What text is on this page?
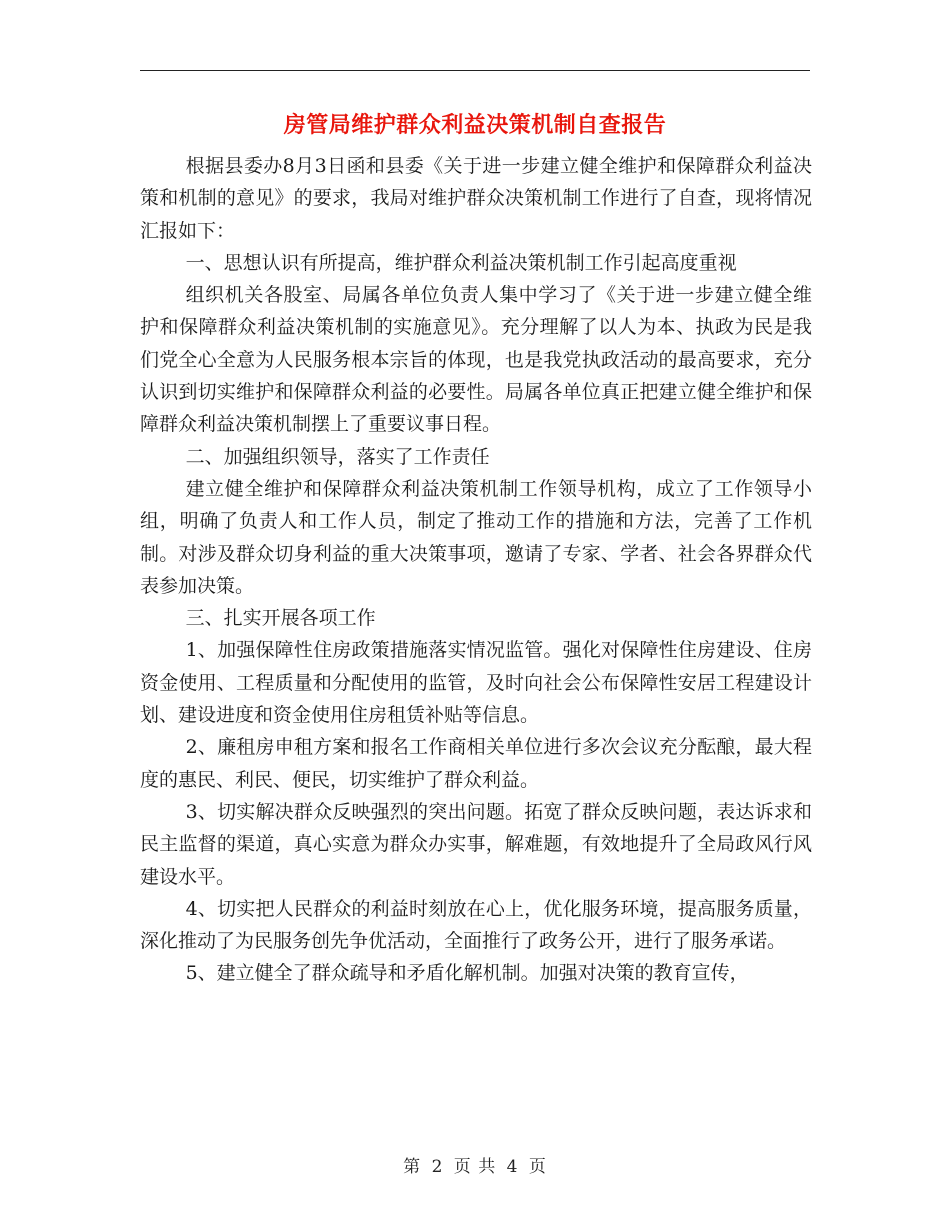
房管局维护群众利益决策机制自查报告

根据县委办8月3日函和县委《关于进一步建立健全维护和保障群众利益决策和机制的意见》的要求，我局对维护群众决策机制工作进行了自查，现将情况汇报如下：

一、思想认识有所提高，维护群众利益决策机制工作引起高度重视

组织机关各股室、局属各单位负责人集中学习了《关于进一步建立健全维护和保障群众利益决策机制的实施意见》。充分理解了以人为本、执政为民是我们党全心全意为人民服务根本宗旨的体现，也是我党执政活动的最高要求，充分认识到切实维护和保障群众利益的必要性。局属各单位真正把建立健全维护和保障群众利益决策机制摆上了重要议事日程。

二、加强组织领导，落实了工作责任

建立健全维护和保障群众利益决策机制工作领导机构，成立了工作领导小组，明确了负责人和工作人员，制定了推动工作的措施和方法，完善了工作机制。对涉及群众切身利益的重大决策事项，邀请了专家、学者、社会各界群众代表参加决策。

三、扎实开展各项工作

1、加强保障性住房政策措施落实情况监管。强化对保障性住房建设、住房资金使用、工程质量和分配使用的监管，及时向社会公布保障性安居工程建设计划、建设进度和资金使用住房租赁补贴等信息。

2、廉租房申租方案和报名工作商相关单位进行多次会议充分酝酿，最大程度的惠民、利民、便民，切实维护了群众利益。

3、切实解决群众反映强烈的突出问题。拓宽了群众反映问题，表达诉求和民主监督的渠道，真心实意为群众办实事，解难题，有效地提升了全局政风行风建设水平。

4、切实把人民群众的利益时刻放在心上，优化服务环境，提高服务质量，深化推动了为民服务创先争优活动，全面推行了政务公开，进行了服务承诺。

5、建立健全了群众疏导和矛盾化解机制。加强对决策的教育宣传，

第 2 页 共 4 页
